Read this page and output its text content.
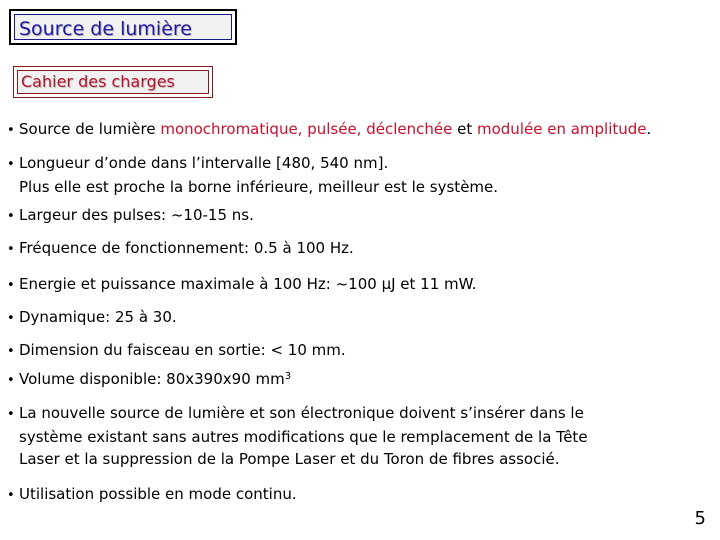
Source de lumière
Cahier des charges
• Source de lumière monochromatique, pulsée, déclenchée et modulée en amplitude.
• Longueur d’onde dans l’intervalle [480, 540 nm].
Plus elle est proche la borne inférieure, meilleur est le système.
• Largeur des pulses: ~10-15 ns.
• Fréquence de fonctionnement: 0.5 à 100 Hz.
• Energie et puissance maximale à 100 Hz: ~100 µJ et 11 mW.
• Dynamique: 25 à 30.
• Dimension du faisceau en sortie: < 10 mm.
• Volume disponible: 80x390x90 $mm^3$
• La nouvelle source de lumière et son électronique doivent s’insérer dans le
système existant sans autres modifications que le remplacement de la Tête
Laser et la suppression de la Pompe Laser et du Toron de fibres associé.
• Utilisation possible en mode continu.
5
